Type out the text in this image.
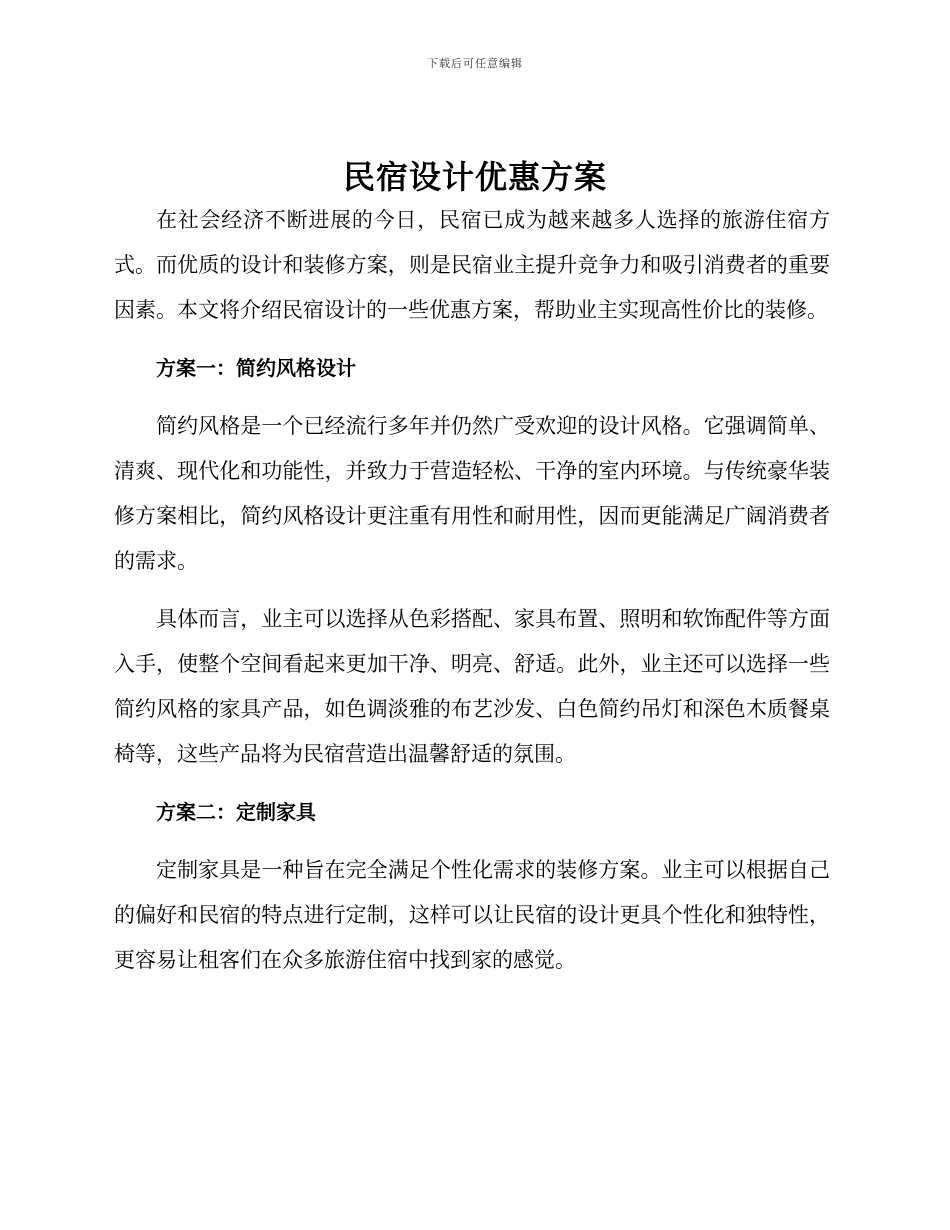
下载后可任意编辑
民宿设计优惠方案

在社会经济不断进展的今日，民宿已成为越来越多人选择的旅游住宿方式。而优质的设计和装修方案，则是民宿业主提升竞争力和吸引消费者的重要因素。本文将介绍民宿设计的一些优惠方案，帮助业主实现高性价比的装修。

方案一：简约风格设计

简约风格是一个已经流行多年并仍然广受欢迎的设计风格。它强调简单、清爽、现代化和功能性，并致力于营造轻松、干净的室内环境。与传统豪华装修方案相比，简约风格设计更注重有用性和耐用性，因而更能满足广阔消费者的需求。

具体而言，业主可以选择从色彩搭配、家具布置、照明和软饰配件等方面入手，使整个空间看起来更加干净、明亮、舒适。此外，业主还可以选择一些简约风格的家具产品，如色调淡雅的布艺沙发、白色简约吊灯和深色木质餐桌椅等，这些产品将为民宿营造出温馨舒适的氛围。

方案二：定制家具

定制家具是一种旨在完全满足个性化需求的装修方案。业主可以根据自己的偏好和民宿的特点进行定制，这样可以让民宿的设计更具个性化和独特性，更容易让租客们在众多旅游住宿中找到家的感觉。
